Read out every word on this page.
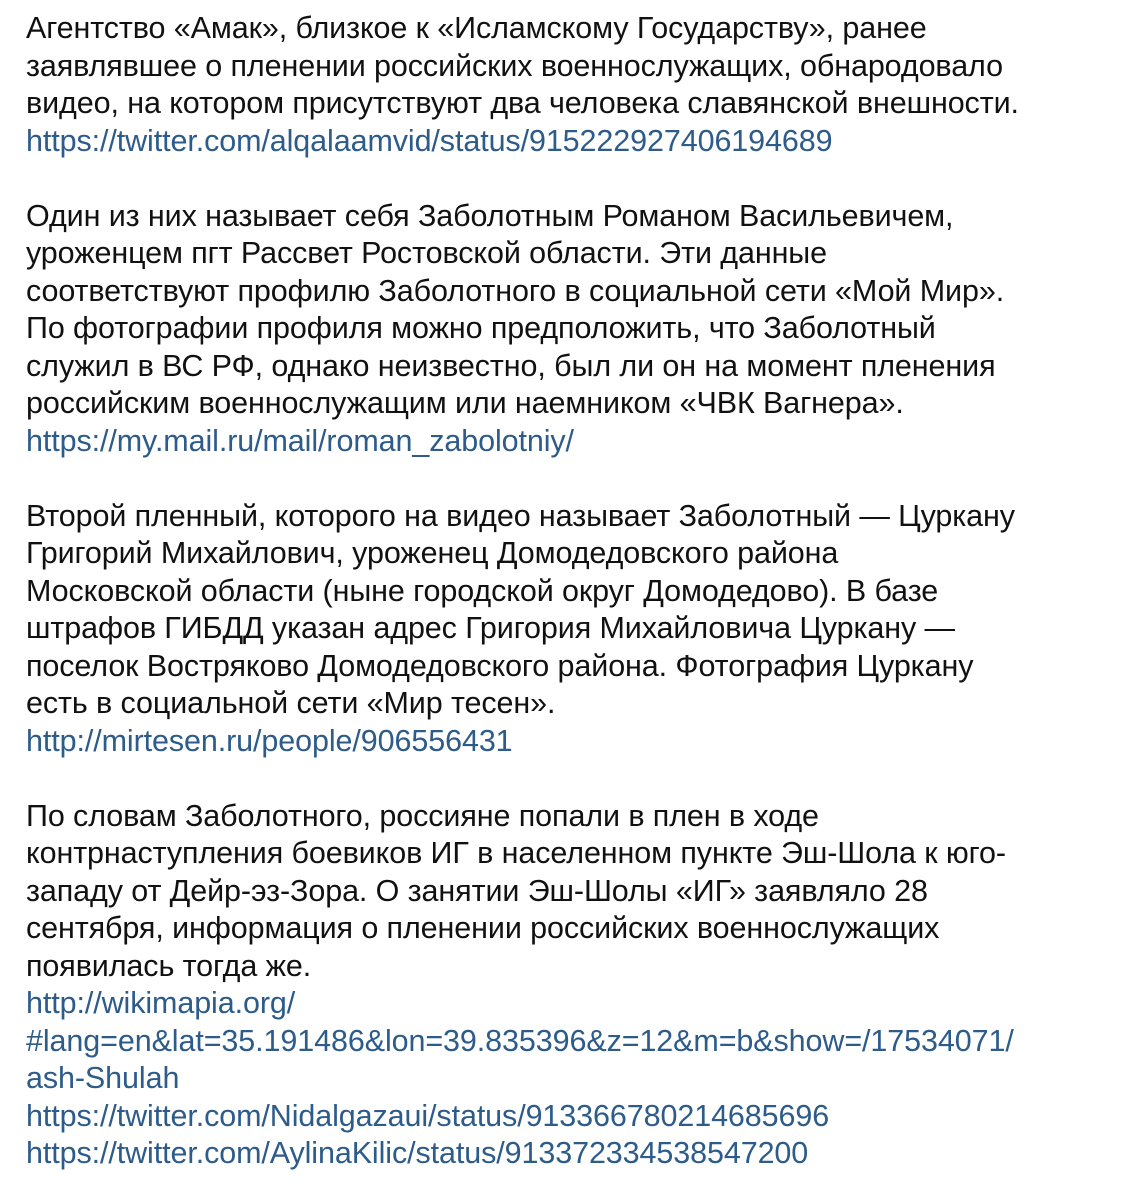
Агентство «Амак», близкое к «Исламскому Государству», ранее
заявлявшее о пленении российских военнослужащих, обнародовало
видео, на котором присутствуют два человека славянской внешности.
https://twitter.com/alqalaamvid/status/915222927406194689
Один из них называет себя Заболотным Романом Васильевичем,
уроженцем пгт Рассвет Ростовской области. Эти данные
соответствуют профилю Заболотного в социальной сети «Мой Мир».
По фотографии профиля можно предположить, что Заболотный
служил в ВС РФ, однако неизвестно, был ли он на момент пленения
российским военнослужащим или наемником «ЧВК Вагнера».
https://my.mail.ru/mail/roman_zabolotniy/
Второй пленный, которого на видео называет Заболотный — Цуркану
Григорий Михайлович, уроженец Домодедовского района
Московской области (ныне городской округ Домодедово). В базе
штрафов ГИБДД указан адрес Григория Михайловича Цуркану —
поселок Востряково Домодедовского района. Фотография Цуркану
есть в социальной сети «Мир тесен».
http://mirtesen.ru/people/906556431
По словам Заболотного, россияне попали в плен в ходе
контрнаступления боевиков ИГ в населенном пункте Эш-Шола к юго-
западу от Дейр-эз-Зора. О занятии Эш-Шолы «ИГ» заявляло 28
сентября, информация о пленении российских военнослужащих
появилась тогда же.
http://wikimapia.org/
#lang=en&lat=35.191486&lon=39.835396&z=12&m=b&show=/17534071/
ash-Shulah
https://twitter.com/Nidalgazaui/status/913366780214685696
https://twitter.com/AylinaKilic/status/913372334538547200
